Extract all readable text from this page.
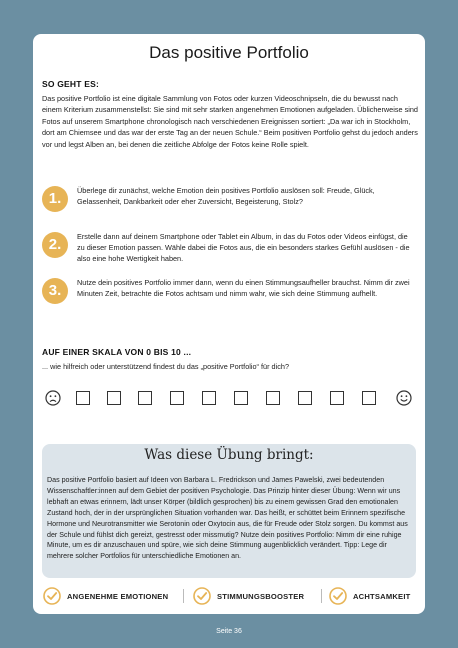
Das positive Portfolio
SO GEHT ES:
Das positive Portfolio ist eine digitale Sammlung von Fotos oder kurzen Videoschnipseln, die du bewusst nach einem Kriterium zusammenstellst: Sie sind mit sehr starken angenehmen Emotionen aufgeladen. Üblicherweise sind Fotos auf unserem Smartphone chronologisch nach verschiedenen Ereignissen sortiert: „Da war ich in Stockholm, dort am Chiemsee und das war der erste Tag an der neuen Schule.“ Beim positiven Portfolio gehst du jedoch anders vor und legst Alben an, bei denen die zeitliche Abfolge der Fotos keine Rolle spielt.
1.	Überlege dir zunächst, welche Emotion dein positives Portfolio auslösen soll: Freude, Glück, Gelassenheit, Dankbarkeit oder eher Zuversicht, Begeisterung, Stolz?
2.	Erstelle dann auf deinem Smartphone oder Tablet ein Album, in das du Fotos oder Videos einfügst, die zu dieser Emotion passen. Wähle dabei die Fotos aus, die ein besonders starkes Gefühl auslösen - die also eine hohe Wertigkeit haben.
3.	Nutze dein positives Portfolio immer dann, wenn du einen Stimmungsaufheller brauchst. Nimm dir zwei Minuten Zeit, betrachte die Fotos achtsam und nimm wahr, wie sich deine Stimmung aufhellt.
AUF EINER SKALA VON 0 BIS 10 ...
... wie hilfreich oder unterstützend findest du das „positive Portfolio“ für dich?
Was diese Übung bringt:
Das positive Portfolio basiert auf Ideen von Barbara L. Fredrickson und James Pawelski, zwei bedeutenden Wissenschaftler:innen auf dem Gebiet der positiven Psychologie. Das Prinzip hinter dieser Übung: Wenn wir uns lebhaft an etwas erinnern, lädt unser Körper (bildlich gesprochen) bis zu einem gewissen Grad den emotionalen Zustand hoch, der in der ursprünglichen Situation vorhanden war. Das heißt, er schüttet beim Erinnern spezifische Hormone und Neurotransmitter wie Serotonin oder Oxytocin aus, die für Freude oder Stolz sorgen. Du kommst aus der Schule und fühlst dich gereizt, gestresst oder missmutig? Nutze dein positives Portfolio: Nimm dir eine ruhige Minute, um es dir anzuschauen und spüre, wie sich deine Stimmung augenblicklich verändert. Tipp: Lege dir mehrere solcher Portfolios für unterschiedliche Emotionen an.
ANGENEHME EMOTIONEN	STIMMUNGSBOOSTER	ACHTSAMKEIT
Seite 36
